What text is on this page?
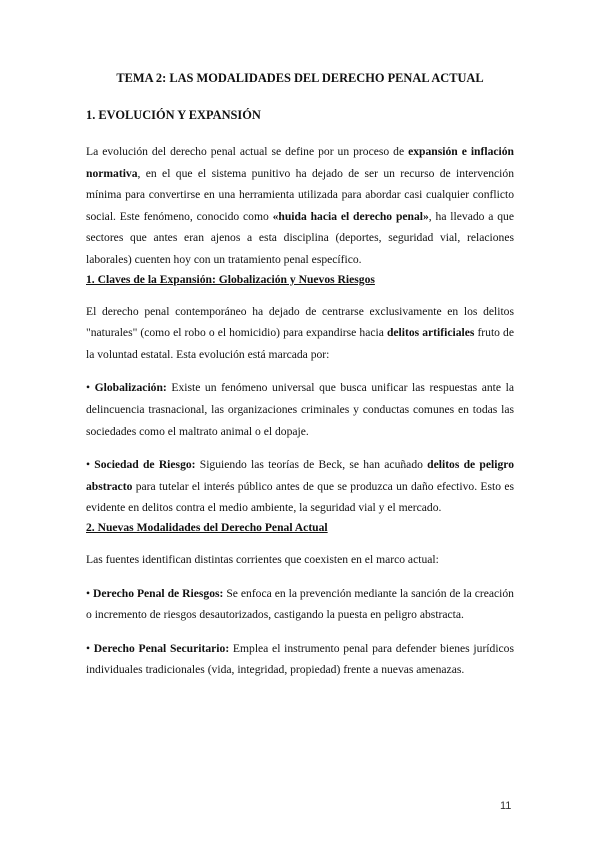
TEMA 2: LAS MODALIDADES DEL DERECHO PENAL ACTUAL
1. EVOLUCIÓN Y EXPANSIÓN

La evolución del derecho penal actual se define por un proceso de expansión e inflación normativa, en el que el sistema punitivo ha dejado de ser un recurso de intervención mínima para convertirse en una herramienta utilizada para abordar casi cualquier conflicto social. Este fenómeno, conocido como «huida hacia el derecho penal», ha llevado a que sectores que antes eran ajenos a esta disciplina (deportes, seguridad vial, relaciones laborales) cuenten hoy con un tratamiento penal específico.

1. Claves de la Expansión: Globalización y Nuevos Riesgos

El derecho penal contemporáneo ha dejado de centrarse exclusivamente en los delitos "naturales" (como el robo o el homicidio) para expandirse hacia delitos artificiales fruto de la voluntad estatal. Esta evolución está marcada por:

• Globalización: Existe un fenómeno universal que busca unificar las respuestas ante la delincuencia trasnacional, las organizaciones criminales y conductas comunes en todas las sociedades como el maltrato animal o el dopaje.

• Sociedad de Riesgo: Siguiendo las teorías de Beck, se han acuñado delitos de peligro abstracto para tutelar el interés público antes de que se produzca un daño efectivo. Esto es evidente en delitos contra el medio ambiente, la seguridad vial y el mercado.

2. Nuevas Modalidades del Derecho Penal Actual

Las fuentes identifican distintas corrientes que coexisten en el marco actual:

• Derecho Penal de Riesgos: Se enfoca en la prevención mediante la sanción de la creación o incremento de riesgos desautorizados, castigando la puesta en peligro abstracta.

• Derecho Penal Securitario: Emplea el instrumento penal para defender bienes jurídicos individuales tradicionales (vida, integridad, propiedad) frente a nuevas amenazas.

11
